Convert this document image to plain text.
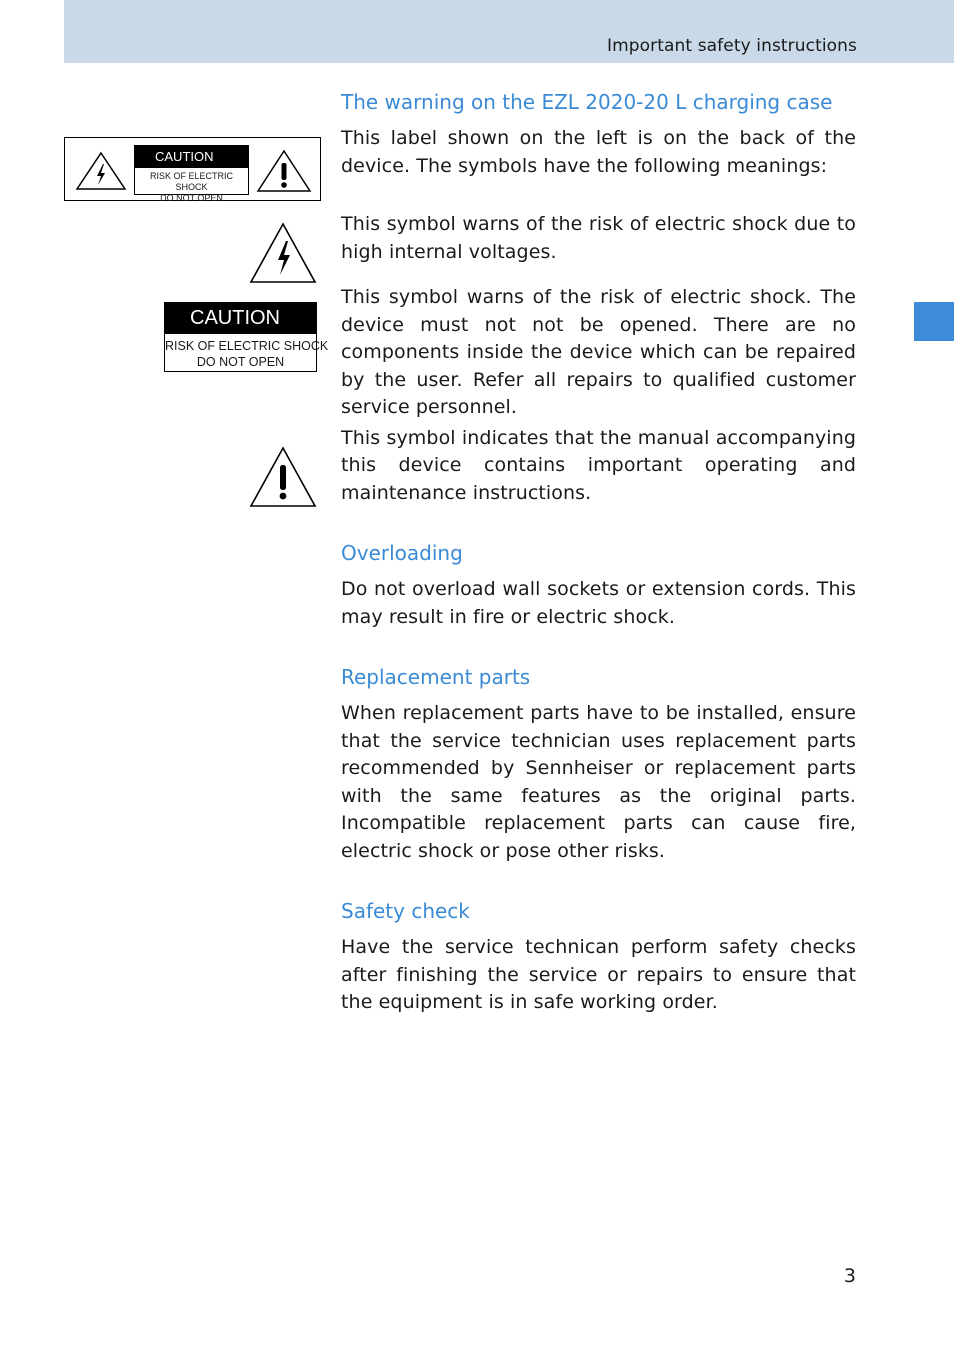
Important safety instructions
CAUTION
RISK OF ELECTRIC SHOCK
DO NOT OPEN
CAUTION
RISK OF ELECTRIC SHOCK
DO NOT OPEN
The warning on the EZL 2020-20 L charging case

This label shown on the left is on the back of the device. The symbols have the following meanings:

This symbol warns of the risk of electric shock due to high internal voltages.

This symbol warns of the risk of electric shock. The device must not not be opened. There are no components inside the device which can be repaired by the user. Refer all repairs to qualified customer service personnel.

This symbol indicates that the manual accompanying this device contains important operating and maintenance instructions.

Overloading

Do not overload wall sockets or extension cords. This may result in fire or electric shock.

Replacement parts

When replacement parts have to be installed, ensure that the service technician uses replacement parts recommended by Sennheiser or replacement parts with the same features as the original parts. Incompatible replacement parts can cause fire, electric shock or pose other risks.

Safety check

Have the service technican perform safety checks after finishing the service or repairs to ensure that the equipment is in safe working order.

3
